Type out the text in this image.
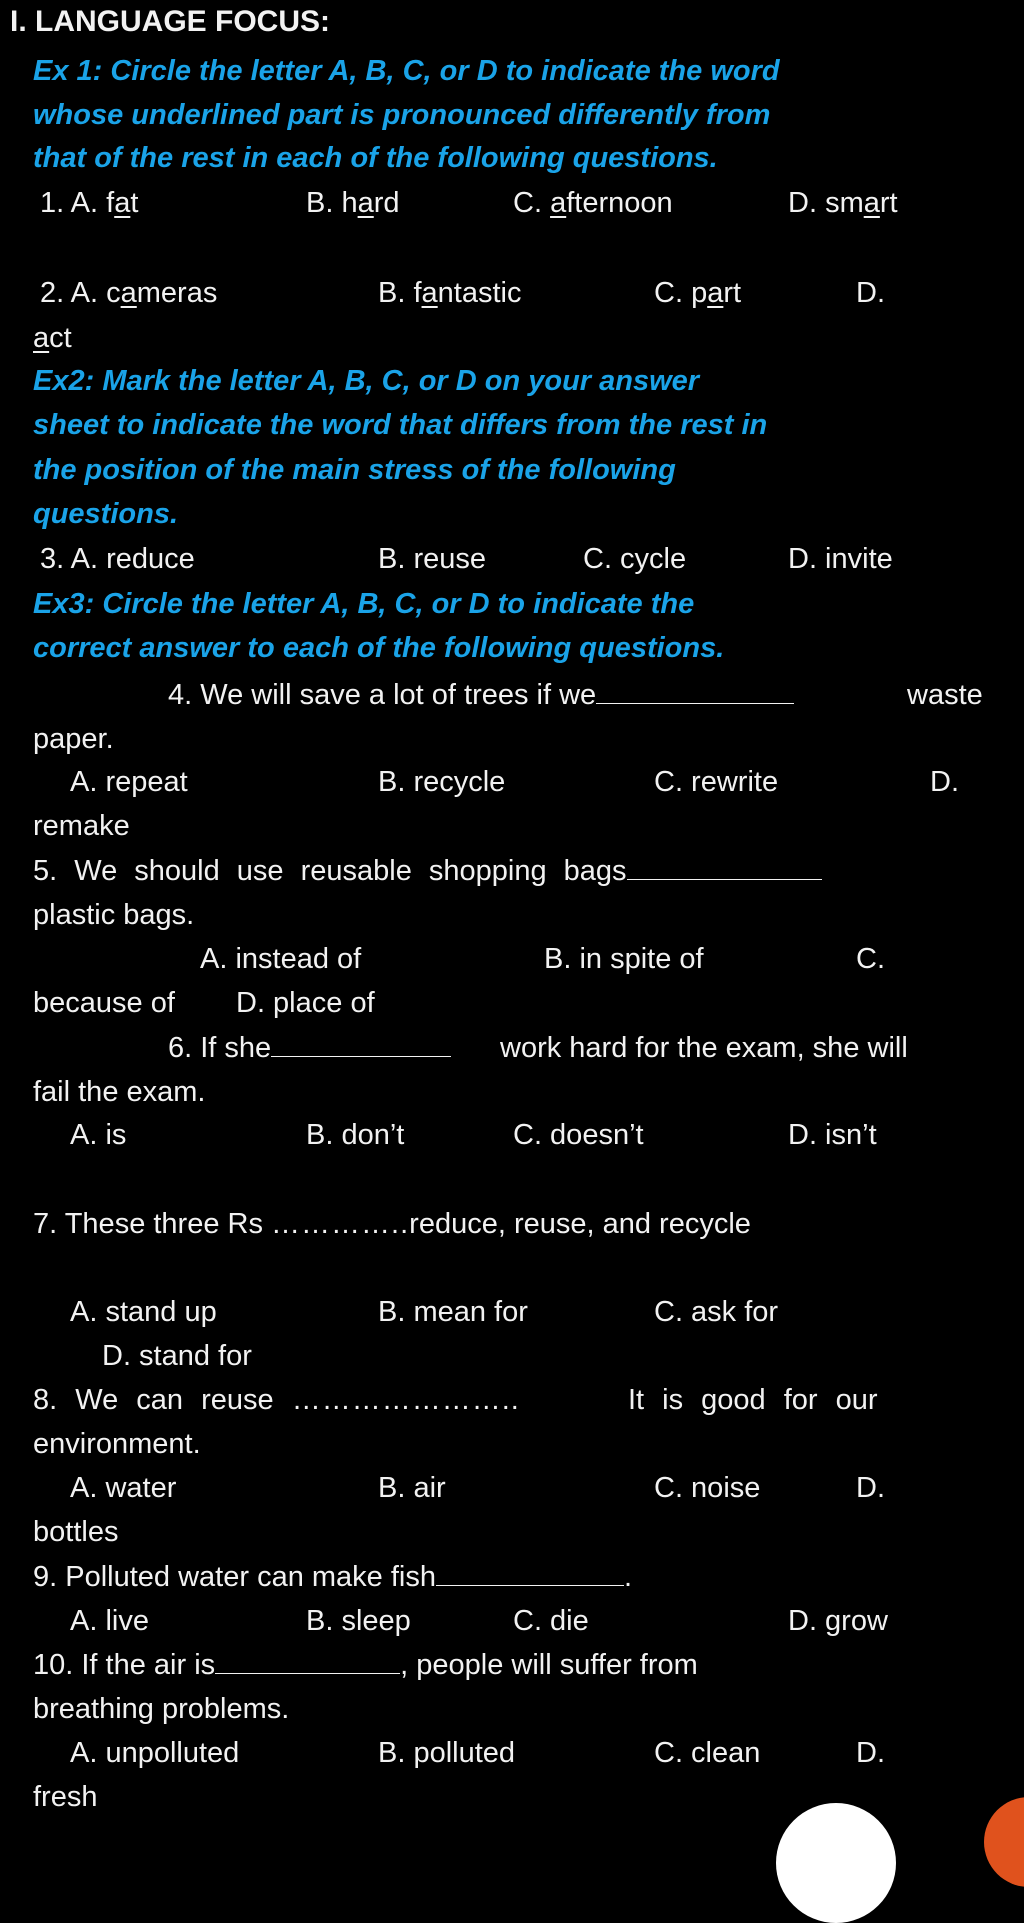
I. LANGUAGE FOCUS:
Ex 1: Circle the letter A, B, C, or D to indicate the word
whose underlined part is pronounced differently from
that of the rest in each of the following questions.
1. A. fat	B. hard	C. afternoon	D. smart
2. A. cameras	B. fantastic	C. part	D.
act
Ex2: Mark the letter A, B, C, or D on your answer
sheet to indicate the word that differs from the rest in
the position of the main stress of the following
questions.
3. A. reduce	B. reuse	C. cycle	D. invite
Ex3: Circle the letter A, B, C, or D to indicate the
correct answer to each of the following questions.
4. We will save a lot of trees if we	waste
paper.
A. repeat	B. recycle	C. rewrite	D.
remake
5. We should use reusable shopping bags
plastic bags.
A. instead of	B. in spite of	C.
because of D. place of
6. If she	work hard for the exam, she will
fail the exam.
A. is	B. don’t	C. doesn’t	D. isn’t
7. These three Rs …………..reduce, reuse, and recycle
A. stand up	B. mean for	C. ask for
D. stand for
8. We can reuse …………………..	It is good for our
environment.
A. water	B. air	C. noise	D.
bottles
9. Polluted water can make fish	.
A. live	B. sleep	C. die	D. grow
10. If the air is	, people will suffer from
breathing problems.
A. unpolluted	B. polluted	C. clean	D.
fresh
